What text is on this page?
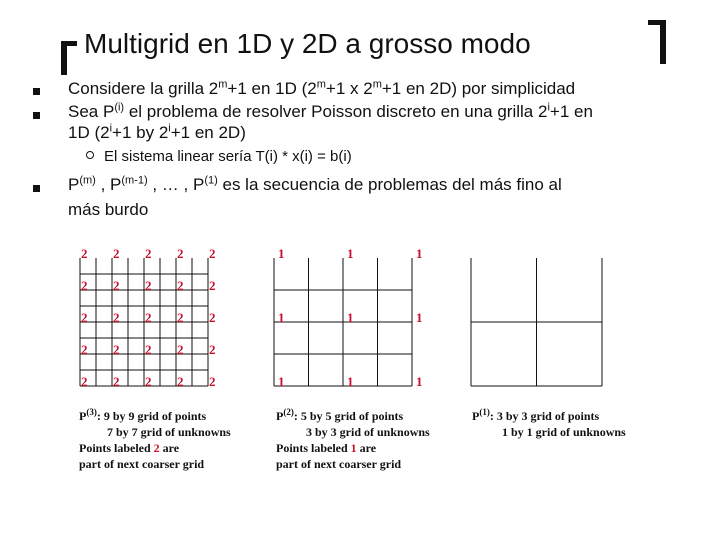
Multigrid en 1D y 2D a grosso modo
Considere la grilla $2^m+1$ en 1D ($2^m+1$ x $2^m+1$ en 2D) por simplicidad
Sea $P^{(i)}$ el problema de resolver Poisson discreto en una grilla $2^i+1$ en
1D ($2^i+1$ by $2^i+1$ en 2D)
El sistema linear sería T(i) * x(i) = b(i)
$P^{(m)}$ , $P^{(m-1)}$ , … , $P^{(1)}$ es la secuencia de problemas del más fino al
más burdo
2
2
2
2
2
2
2
2
2
2
2
2
2
2
2
2
2
2
2
2
2
2
2
2
2
1
1
1
1
1
1
1
1
1
$P^{(3)}$: 9 by 9 grid of points
7 by 7 grid of unknowns
Points labeled 2 are
part of next coarser grid
$P^{(2)}$: 5 by 5 grid of points
3 by 3 grid of unknowns
Points labeled 1 are
part of next coarser grid
$P^{(1)}$: 3 by 3 grid of points
1 by 1 grid of unknowns
